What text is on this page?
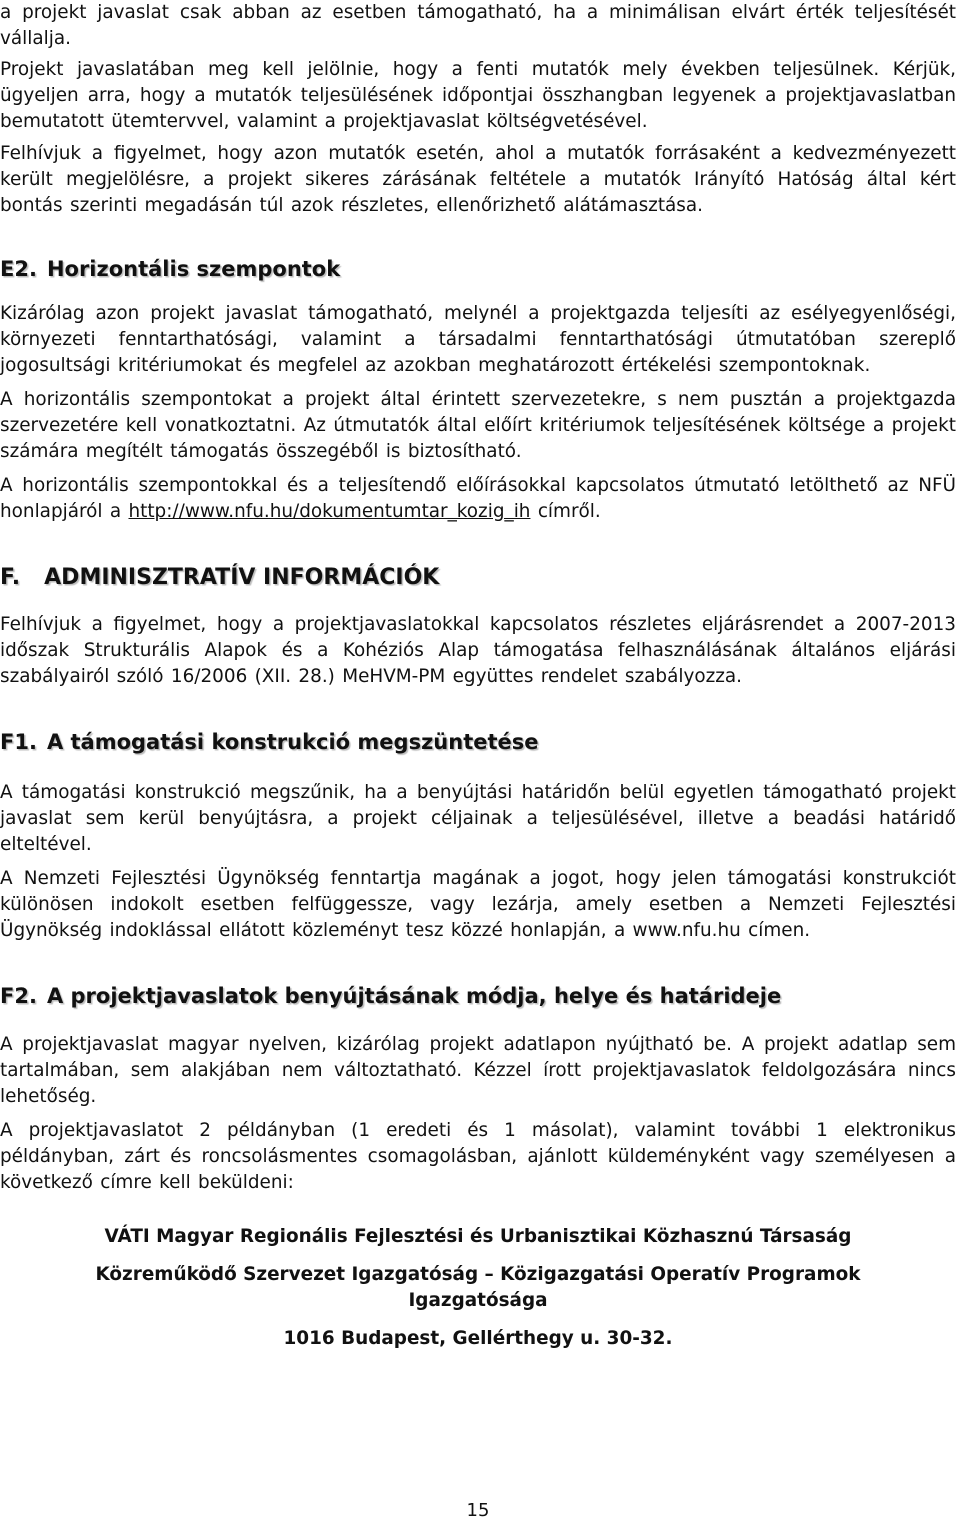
a projekt javaslat csak abban az esetben támogatható, ha a minimálisan elvárt érték teljesítését vállalja.

Projekt javaslatában meg kell jelölnie, hogy a fenti mutatók mely években teljesülnek. Kérjük, ügyeljen arra, hogy a mutatók teljesülésének időpontjai összhangban legyenek a projektjavaslatban bemutatott ütemtervvel, valamint a projektjavaslat költségvetésével.

Felhívjuk a figyelmet, hogy azon mutatók esetén, ahol a mutatók forrásaként a kedvezményezett került megjelölésre, a projekt sikeres zárásának feltétele a mutatók Irányító Hatóság által kért bontás szerinti megadásán túl azok részletes, ellenőrizhető alátámasztása.

E2. Horizontális szempontok

Kizárólag azon projekt javaslat támogatható, melynél a projektgazda teljesíti az esélyegyenlőségi, környezeti fenntarthatósági, valamint a társadalmi fenntarthatósági útmutatóban szereplő jogosultsági kritériumokat és megfelel az azokban meghatározott értékelési szempontoknak.

A horizontális szempontokat a projekt által érintett szervezetekre, s nem pusztán a projektgazda szervezetére kell vonatkoztatni. Az útmutatók által előírt kritériumok teljesítésének költsége a projekt számára megítélt támogatás összegéből is biztosítható.

A horizontális szempontokkal és a teljesítendő előírásokkal kapcsolatos útmutató letölthető az NFÜ honlapjáról a http://www.nfu.hu/dokumentumtar_kozig_ih címről.

F. ADMINISZTRATÍV INFORMÁCIÓK

Felhívjuk a figyelmet, hogy a projektjavaslatokkal kapcsolatos részletes eljárásrendet a 2007-2013 időszak Strukturális Alapok és a Kohéziós Alap támogatása felhasználásának általános eljárási szabályairól szóló 16/2006 (XII. 28.) MeHVM-PM együttes rendelet szabályozza.

F1. A támogatási konstrukció megszüntetése

A támogatási konstrukció megszűnik, ha a benyújtási határidőn belül egyetlen támogatható projekt javaslat sem kerül benyújtásra, a projekt céljainak a teljesülésével, illetve a beadási határidő elteltével.

A Nemzeti Fejlesztési Ügynökség fenntartja magának a jogot, hogy jelen támogatási konstrukciót különösen indokolt esetben felfüggessze, vagy lezárja, amely esetben a Nemzeti Fejlesztési Ügynökség indoklással ellátott közleményt tesz közzé honlapján, a www.nfu.hu címen.

F2. A projektjavaslatok benyújtásának módja, helye és határideje

A projektjavaslat magyar nyelven, kizárólag projekt adatlapon nyújtható be. A projekt adatlap sem tartalmában, sem alakjában nem változtatható. Kézzel írott projektjavaslatok feldolgozására nincs lehetőség.

A projektjavaslatot 2 példányban (1 eredeti és 1 másolat), valamint további 1 elektronikus példányban, zárt és roncsolásmentes csomagolásban, ajánlott küldeményként vagy személyesen a következő címre kell beküldeni:

VÁTI Magyar Regionális Fejlesztési és Urbanisztikai Közhasznú Társaság
Közreműködő Szervezet Igazgatóság – Közigazgatási Operatív Programok Igazgatósága
1016 Budapest, Gellérthegy u. 30-32.
15
